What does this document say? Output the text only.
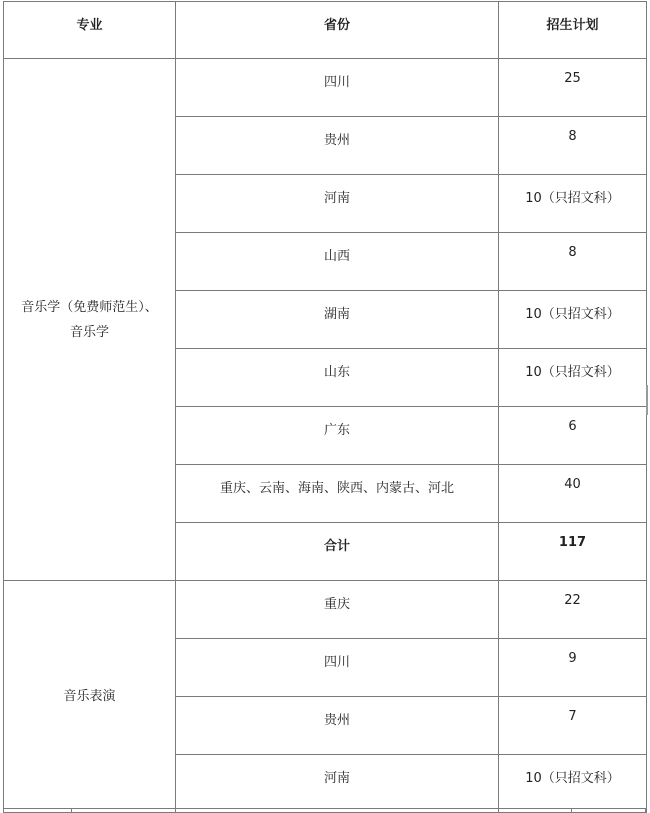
专业	省份	招生计划

音乐学（免费师范生）、
音乐学	四川	25

	贵州	8

	河南	10（只招文科）

	山西	8

	湖南	10（只招文科）

	山东	10（只招文科）

	广东	6

	重庆、云南、海南、陕西、内蒙古、河北	40

	合计	117

音乐表演	重庆	22

	四川	9

	贵州	7

	河南	10（只招文科）
